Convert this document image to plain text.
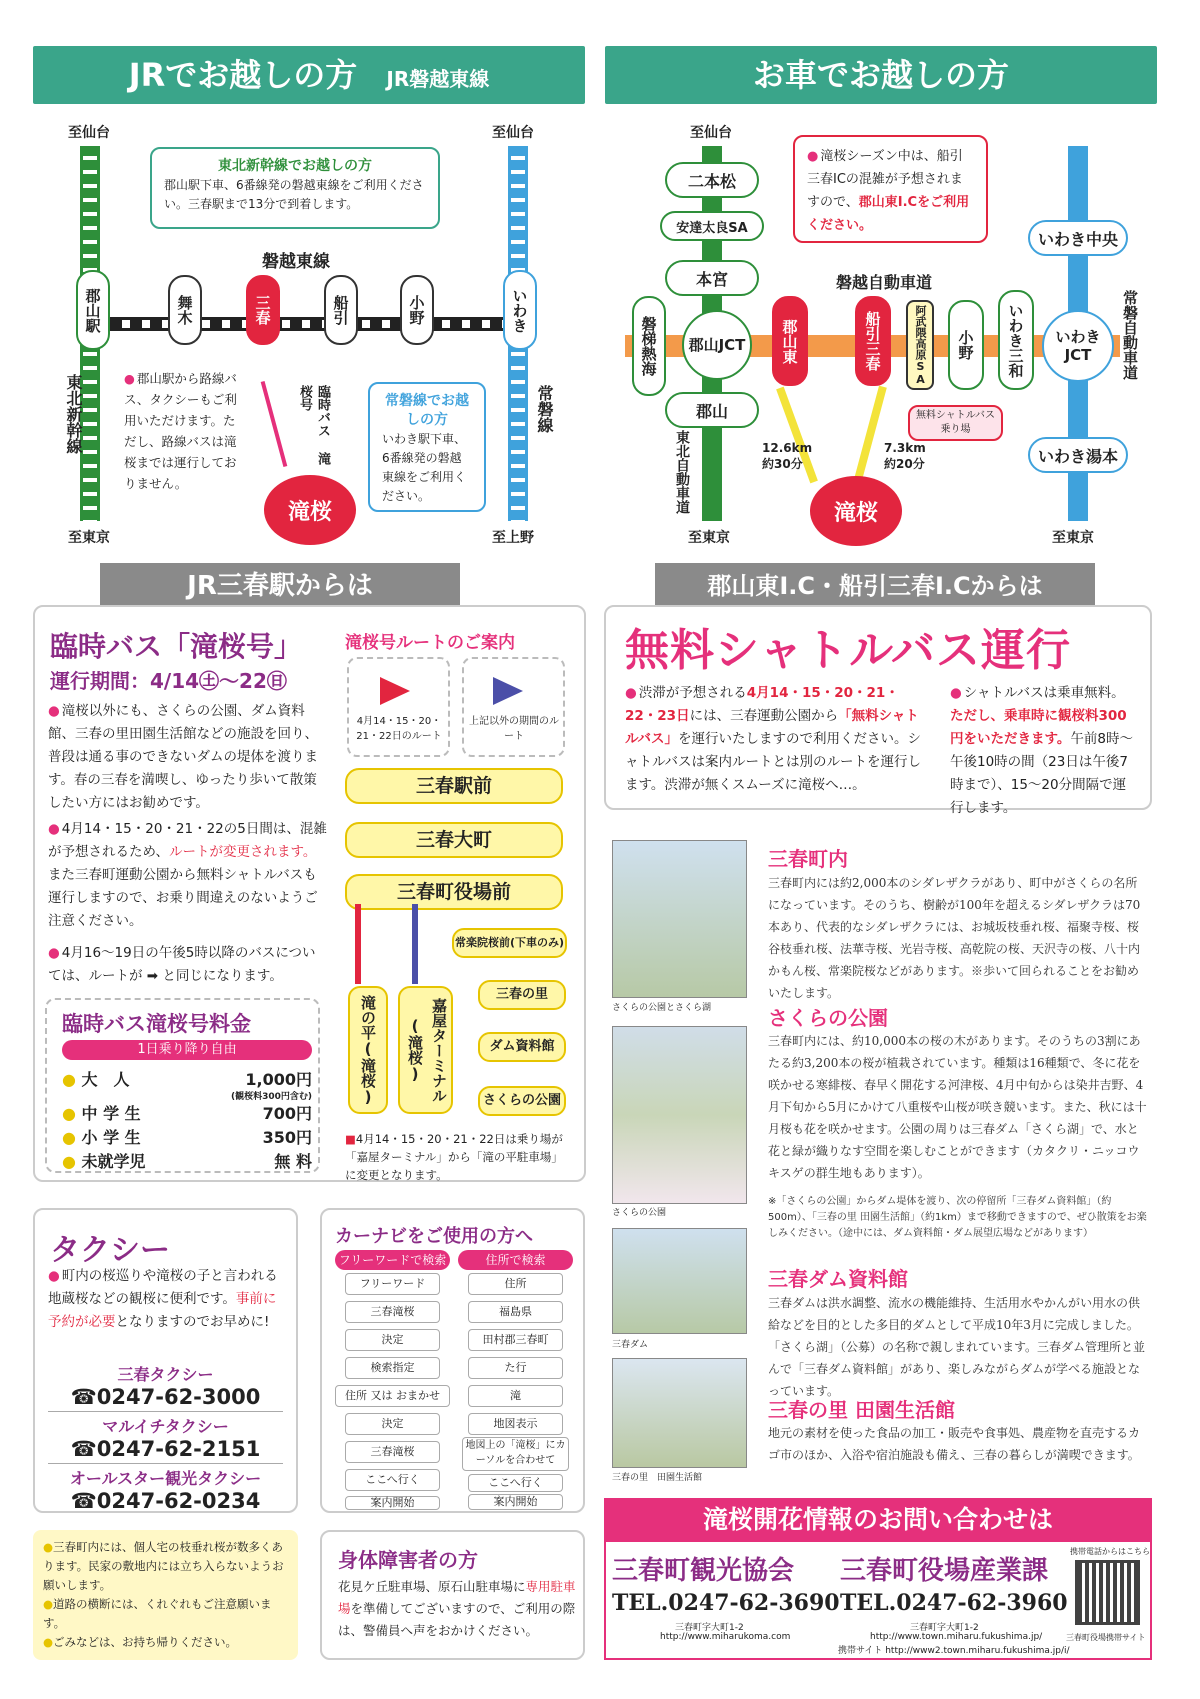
JRでお越しの方 JR磐越東線	お車でお越しの方
至仙台	至仙台
至東京	至上野
磐越東線
郡山駅	舞木	三春	船引	小野	いわき
東北新幹線	常磐線
臨時バス 滝桜号
滝桜
東北新幹線でお越しの方
郡山駅下車、6番線発の磐越東線をご利用ください。三春駅まで13分で到着します。
● 郡山駅から路線バス、タクシーもご利用いただけます。ただし、路線バスは滝桜までは運行しておりません。
常磐線でお越しの方
いわき駅下車、6番線発の磐越東線をご利用ください。
至仙台
至東京	至東京
二本松
安達太良SA
本宮
郡山JCT
郡山
磐梯熱海
東北自動車道
磐越自動車道
郡山東	船引三春	阿武隈高原SA	小野	いわき三和	いわきJCT
いわき中央
いわき湯本
常磐自動車道
無料シャトルバス乗り場
12.6km
約30分
7.3km
約20分
滝桜
● 滝桜シーズン中は、船引三春ICの混雑が予想されますので、郡山東I.Cをご利用ください。
JR三春駅からは	郡山東I.C・船引三春I.Cからは
臨時バス「滝桜号」
運行期間：4/14㊏〜22㊐
● 滝桜以外にも、さくらの公園、ダム資料館、三春の里田園生活館などの施設を回り、普段は通る事のできないダムの堤体を渡ります。春の三春を満喫し、ゆったり歩いて散策したい方にはお勧めです。
● 4月14・15・20・21・22の5日間は、混雑が予想されるため、ルートが変更されます。また三春町運動公園から無料シャトルバスも運行しますので、お乗り間違えのないようご注意ください。
● 4月16〜19日の午後5時以降のバスについては、ルートが ➡ と同じになります。
臨時バス滝桜号料金
1日乗り降り自由
● 大　人	1,000円
(観桜料300円含む)
● 中 学 生	700円
● 小 学 生	350円
● 未就学児	無 料
滝桜号ルートのご案内
4月14・15・20・21・22日のルート
上記以外の期間のルート
三春駅前
三春大町
三春町役場前
常楽院桜前(下車のみ)
三春の里
ダム資料館
さくらの公園
滝の平(滝桜)	嘉屋ターミナル(滝桜)
■4月14・15・20・21・22日は乗り場が「嘉屋ターミナル」から「滝の平駐車場」に変更となります。
無料シャトルバス運行
● 渋滞が予想される4月14・15・20・21・22・23日には、三春運動公園から「無料シャトルバス」を運行いたしますので利用ください。シャトルバスは案内ルートとは別のルートを運行します。渋滞が無くスムーズに滝桜へ…。
● シャトルバスは乗車無料。ただし、乗車時に観桜料300円をいただきます。午前8時〜午後10時の間（23日は午後7時まで）、15〜20分間隔で運行します。
さくらの公園とさくら湖
さくらの公園
三春ダム
三春の里　田園生活館
三春町内
三春町内には約2,000本のシダレザクラがあり、町中がさくらの名所になっています。そのうち、樹齢が100年を超えるシダレザクラは70本あり、代表的なシダレザクラには、お城坂枝垂れ桜、福聚寺桜、桜谷枝垂れ桜、法華寺桜、光岩寺桜、高乾院の桜、天沢寺の桜、八十内かもん桜、常楽院桜などがあります。※歩いて回られることをお勧めいたします。
さくらの公園
三春町内には、約10,000本の桜の木があります。そのうちの3割にあたる約3,200本の桜が植栽されています。種類は16種類で、冬に花を咲かせる寒緋桜、春早く開花する河津桜、4月中旬からは染井吉野、4月下旬から5月にかけて八重桜や山桜が咲き競います。また、秋には十月桜も花を咲かせます。公園の周りは三春ダム「さくら湖」で、水と花と緑が織りなす空間を楽しむことができます（カタクリ・ニッコウキスゲの群生地もあります）。
※「さくらの公園」からダム堤体を渡り、次の停留所「三春ダム資料館」（約500m）、「三春の里 田園生活館」（約1km）まで移動できますので、ぜひ散策をお楽しみください。（途中には、ダム資料館・ダム展望広場などがあります）
三春ダム資料館
三春ダムは洪水調整、流水の機能維持、生活用水やかんがい用水の供給などを目的とした多目的ダムとして平成10年3月に完成しました。「さくら湖」（公募）の名称で親しまれています。三春ダム管理所と並んで「三春ダム資料館」があり、楽しみながらダムが学べる施設となっています。
三春の里 田園生活館
地元の素材を使った食品の加工・販売や食事処、農産物を直売するカゴ市のほか、入浴や宿泊施設も備え、三春の暮らしが満喫できます。
タクシー
● 町内の桜巡りや滝桜の子と言われる地蔵桜などの観桜に便利です。事前に予約が必要となりますのでお早めに!
三春タクシー
☎0247-62-3000
マルイチタクシー
☎0247-62-2151
オールスター観光タクシー
☎0247-62-0234
カーナビをご使用の方へ
フリーワードで検索	住所で検索
フリーワード
三春滝桜
決定
検索指定
住所 又は おまかせ
決定
三春滝桜
ここへ行く
案内開始
住所
福島県
田村郡三春町
た行
滝
地図表示
地図上の「滝桜」にカーソルを合わせて
ここへ行く
案内開始
●三春町内には、個人宅の枝垂れ桜が数多くあります。民家の敷地内には立ち入らないようお願いします。
●道路の横断には、くれぐれもご注意願います。
●ごみなどは、お持ち帰りください。
身体障害者の方
花見ケ丘駐車場、原石山駐車場に専用駐車場を準備してございますので、ご利用の際は、警備員へ声をおかけください。
滝桜開花情報のお問い合わせは
三春町観光協会
TEL.0247-62-3690
三春町字大町1-2
http://www.miharukoma.com
三春町役場産業課
TEL.0247-62-3960
三春町字大町1-2
http://www.town.miharu.fukushima.jp/
携帯サイト http://www2.town.miharu.fukushima.jp/i/
携帯電話からはこちら
三春町役場携帯サイト
